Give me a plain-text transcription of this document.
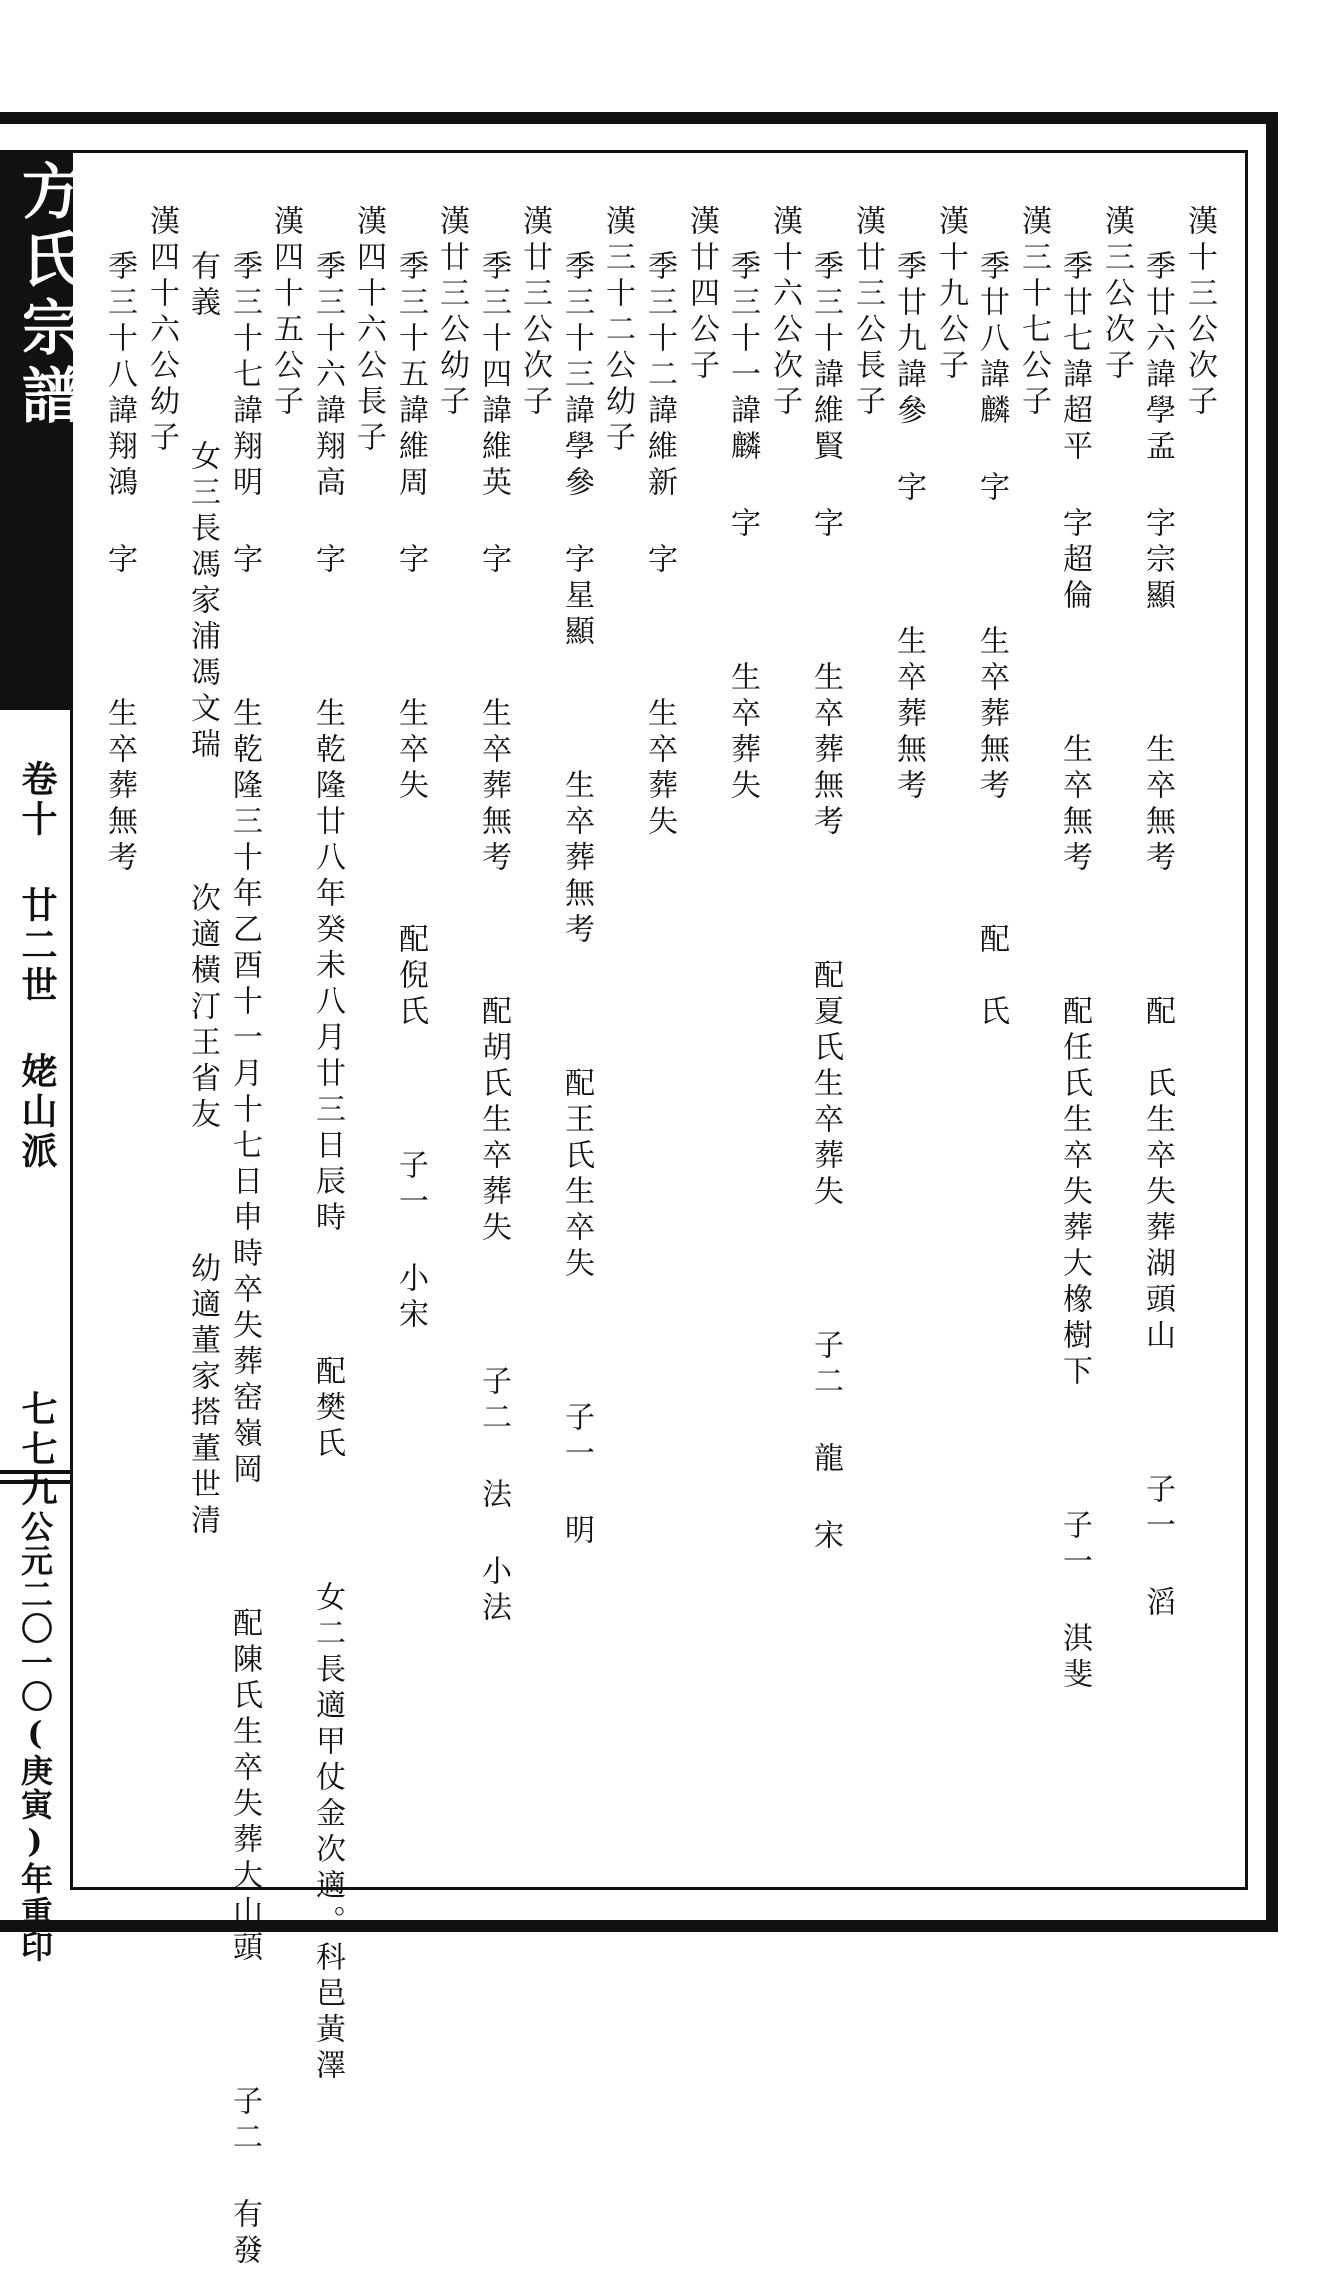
方氏宗譜
卷十 廿二世 姥山派
七七九
公元二〇一〇(庚寅)年重印
漢十三公次子
季廿六諱學孟 字宗顯 　 生卒無考 　 配　氏生卒失葬湖頭山 　 子一 滔
漢三公次子
季廿七諱超平 字超倫 　 生卒無考 　 配任氏生卒失葬大橡樹下 　 子一 淇斐
漢三十七公子
季廿八諱麟 字 　 生卒葬無考 　 配　氏
漢十九公子
季廿九諱參 字 　 生卒葬無考
漢廿三公長子
季三十諱維賢 字 　 生卒葬無考 　 配夏氏生卒葬失 　 子二 龍 宋
漢十六公次子
季三十一諱麟 字 　 生卒葬失
漢廿四公子
季三十二諱維新 字 　 生卒葬失
漢三十二公幼子
季三十三諱學參 字星顯 　 生卒葬無考 　 配王氏生卒失 　 子一 明
漢廿三公次子
季三十四諱維英 字 　 生卒葬無考 　 配胡氏生卒葬失 　 子二 法 小法
漢廿三公幼子
季三十五諱維周 字 　 生卒失 　 配倪氏 　 子一 小宋
漢四十六公長子
季三十六諱翔高 字 　 生乾隆廿八年癸未八月廿三日辰時 　 配樊氏 　 女二長適甲仗金次適。科邑黃澤
漢四十五公子
季三十七諱翔明 字 　 生乾隆三十年乙酉十一月十七日申時卒失葬窑嶺岡 　 配陳氏生卒失葬大山頭 　 子二 有發
有義 　 女三長馮家浦馮文瑞 　 次適橫汀王省友 　 幼適董家搭董世清
漢四十六公幼子
季三十八諱翔鴻 字 　 生卒葬無考
